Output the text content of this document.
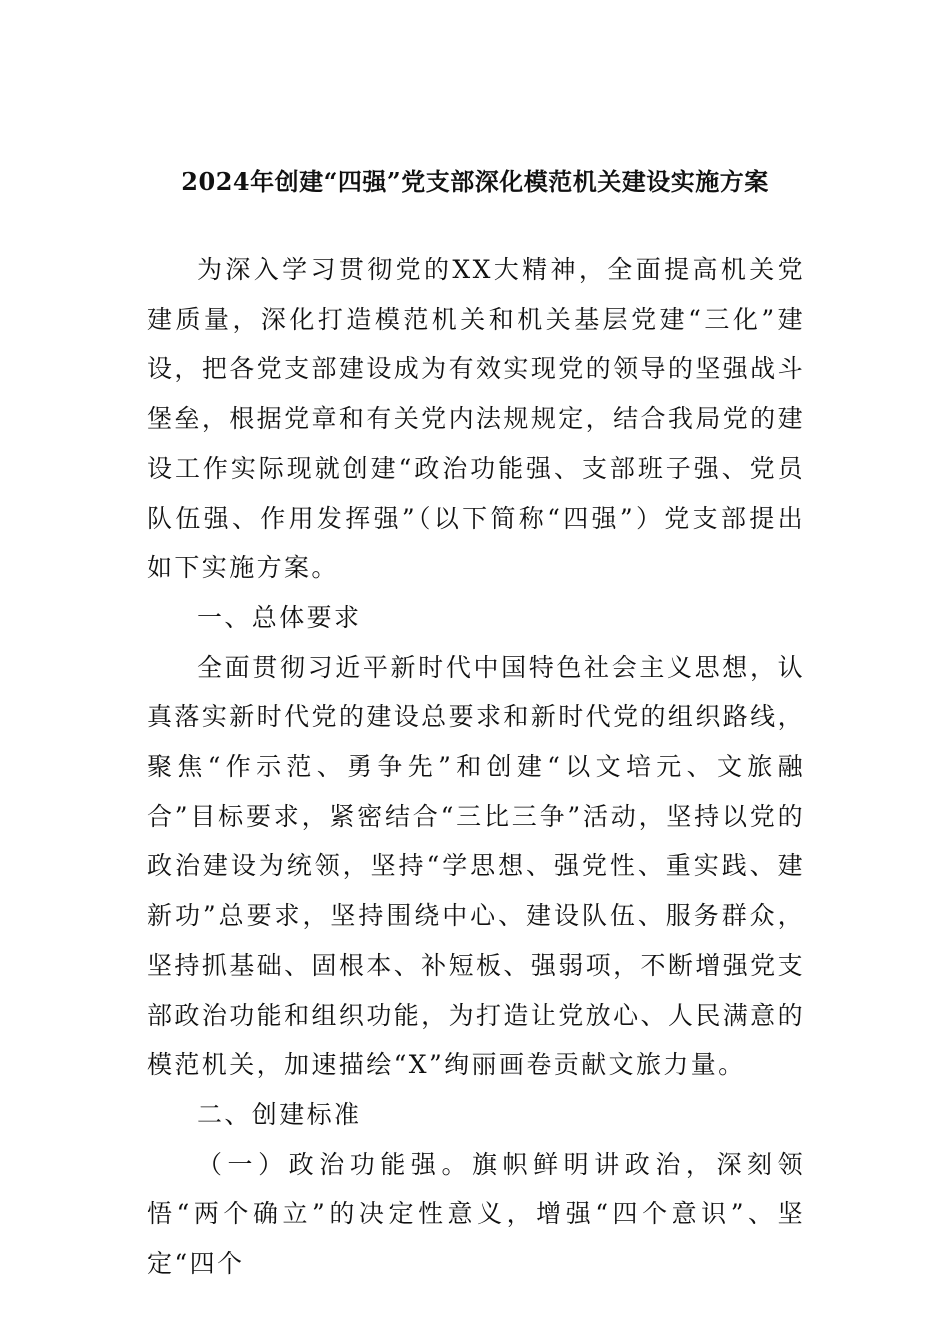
2024年创建“四强”党支部深化模范机关建设实施方案

为深入学习贯彻党的XX大精神，全面提高机关党建质量，深化打造模范机关和机关基层党建“三化”建设，把各党支部建设成为有效实现党的领导的坚强战斗堡垒，根据党章和有关党内法规规定，结合我局党的建设工作实际现就创建“政治功能强、支部班子强、党员队伍强、作用发挥强”（以下简称“四强”）党支部提出如下实施方案。

一、总体要求

全面贯彻习近平新时代中国特色社会主义思想，认真落实新时代党的建设总要求和新时代党的组织路线，聚焦“作示范、勇争先”和创建“以文培元、文旅融合”目标要求，紧密结合“三比三争”活动，坚持以党的政治建设为统领，坚持“学思想、强党性、重实践、建新功”总要求，坚持围绕中心、建设队伍、服务群众，坚持抓基础、固根本、补短板、强弱项，不断增强党支部政治功能和组织功能，为打造让党放心、人民满意的模范机关，加速描绘“X”绚丽画卷贡献文旅力量。

二、创建标准

（一）政治功能强。旗帜鲜明讲政治，深刻领悟“两个确立”的决定性意义，增强“四个意识”、坚定“四个
